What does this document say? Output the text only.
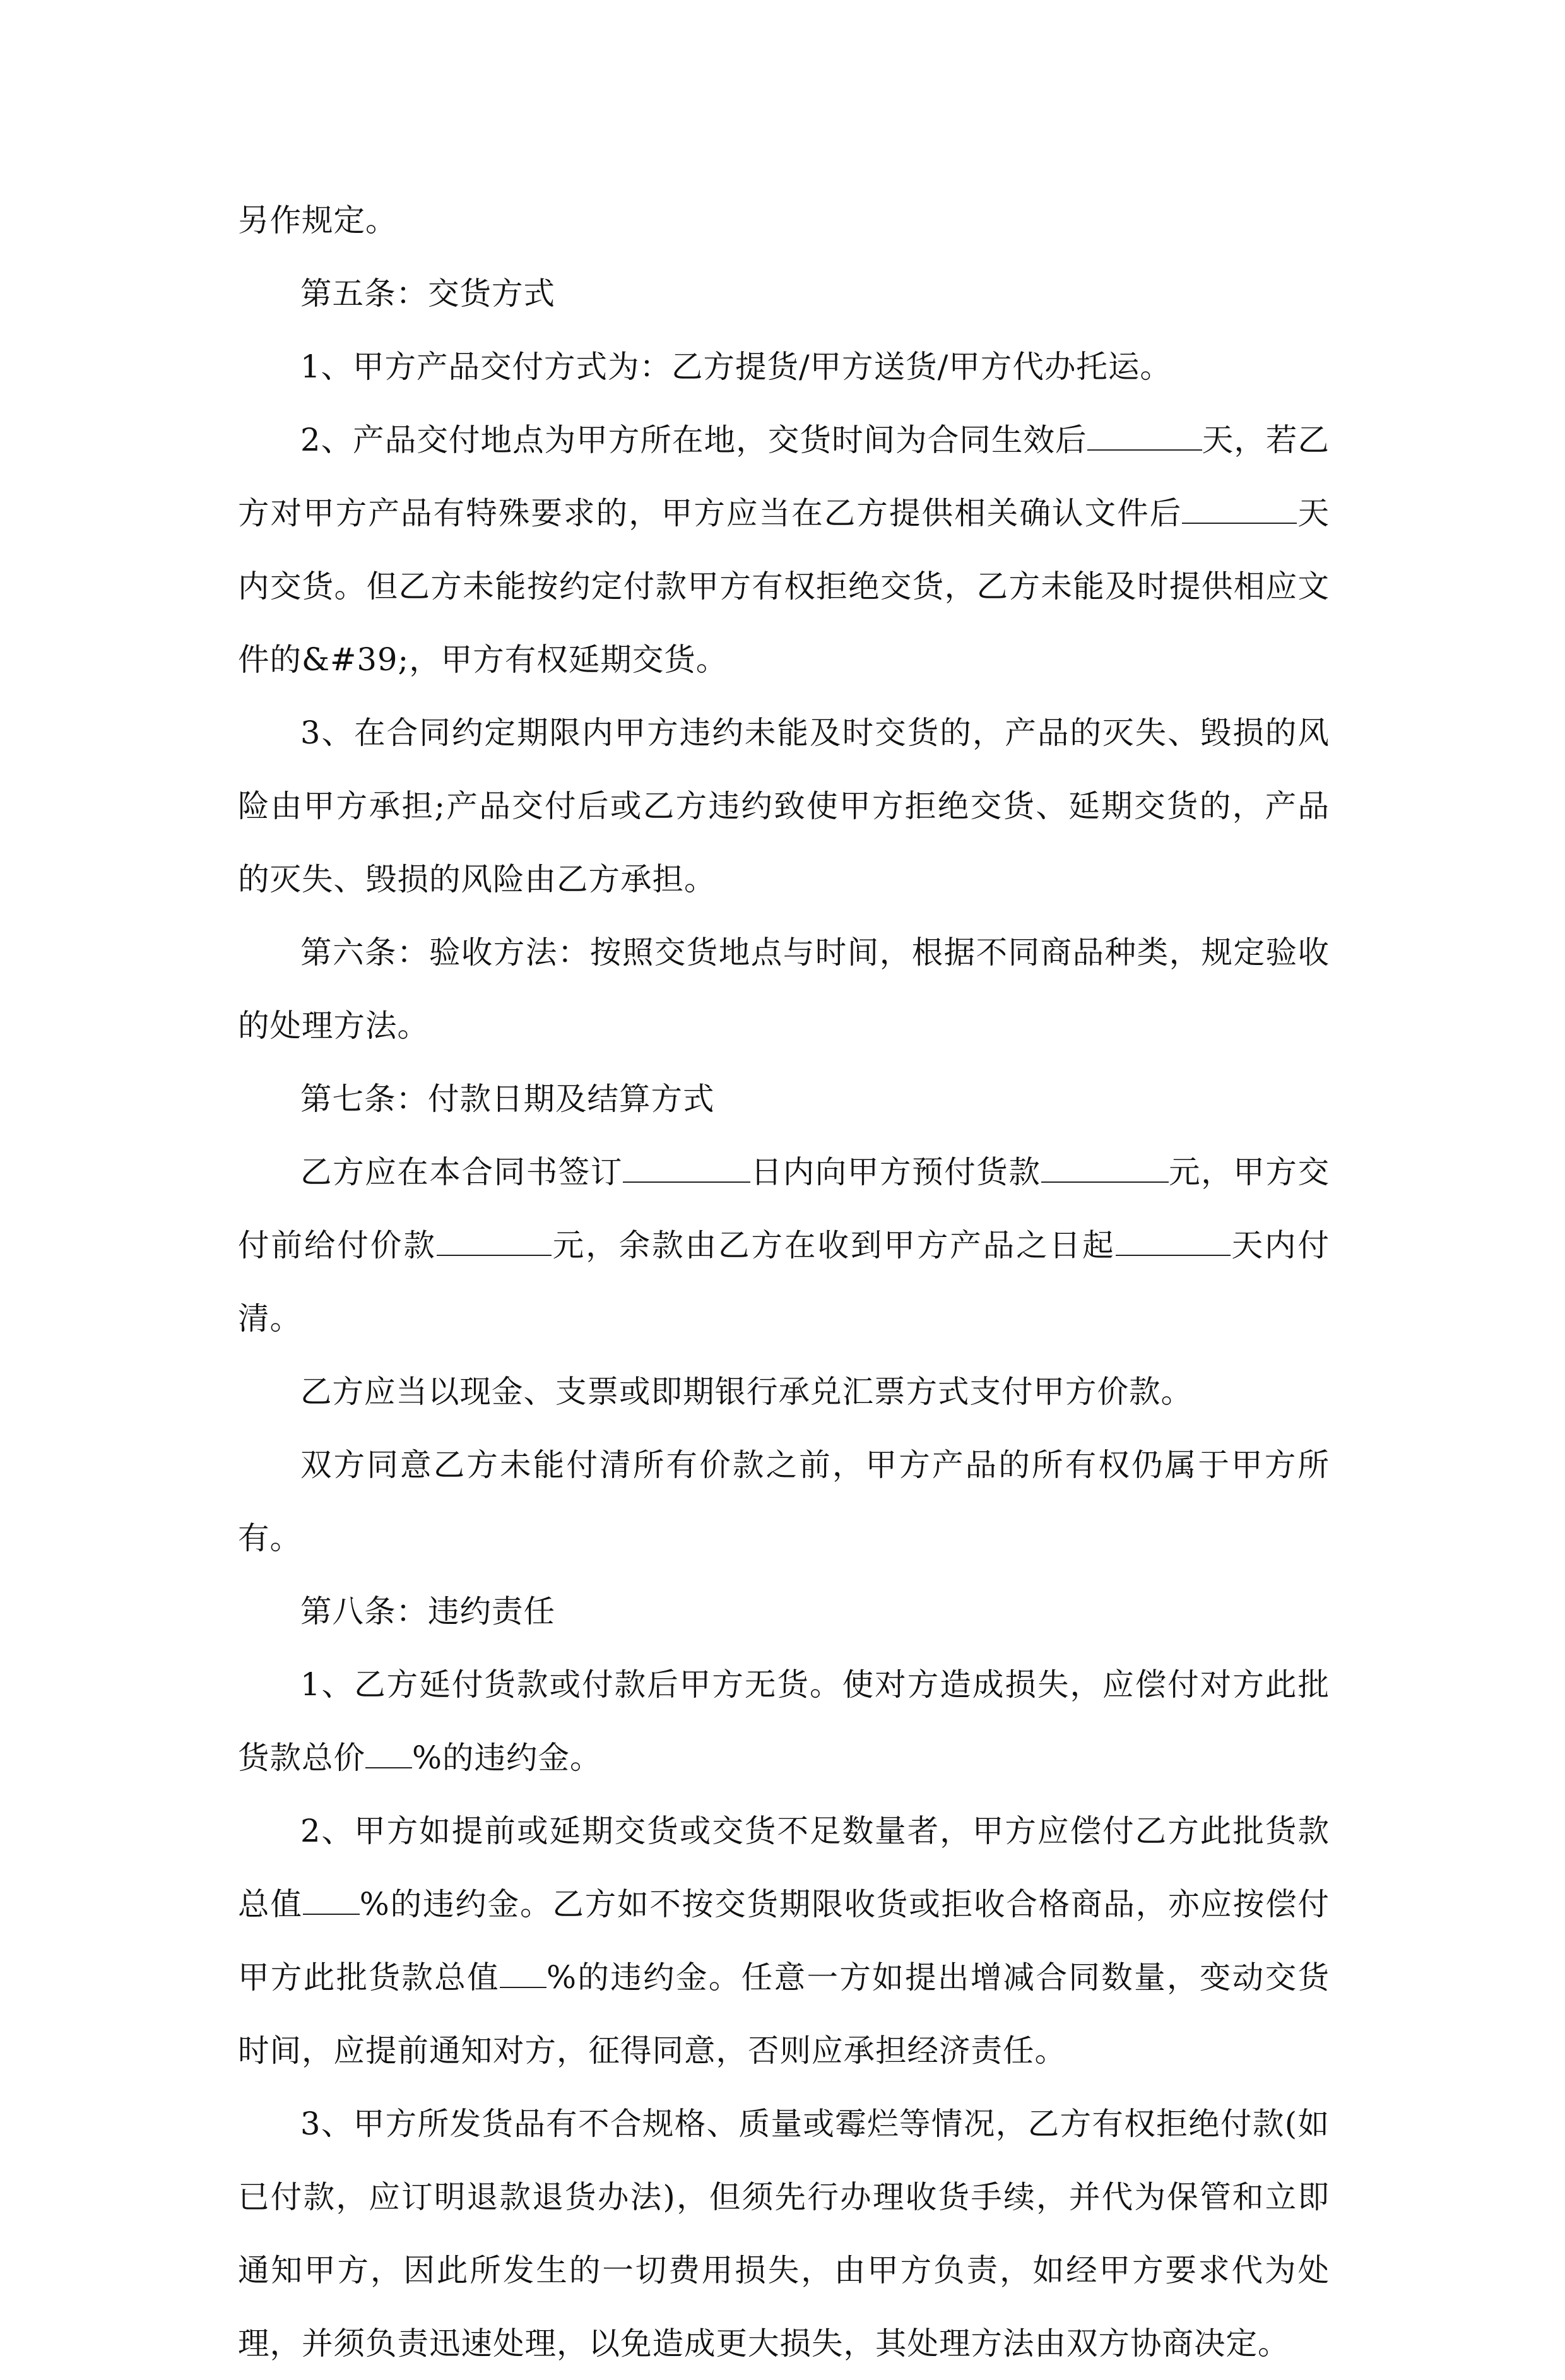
另作规定。

第五条：交货方式

1、甲方产品交付方式为：乙方提货/甲方送货/甲方代办托运。

2、产品交付地点为甲方所在地，交货时间为合同生效后	天，若乙方对甲方产品有特殊要求的，甲方应当在乙方提供相关确认文件后	天内交货。但乙方未能按约定付款甲方有权拒绝交货，乙方未能及时提供相应文件的&#39;，甲方有权延期交货。

3、在合同约定期限内甲方违约未能及时交货的，产品的灭失、毁损的风险由甲方承担;产品交付后或乙方违约致使甲方拒绝交货、延期交货的，产品的灭失、毁损的风险由乙方承担。

第六条：验收方法：按照交货地点与时间，根据不同商品种类，规定验收的处理方法。

第七条：付款日期及结算方式

乙方应在本合同书签订	日内向甲方预付货款	元，甲方交付前给付价款	元，余款由乙方在收到甲方产品之日起	天内付清。

乙方应当以现金、支票或即期银行承兑汇票方式支付甲方价款。

双方同意乙方未能付清所有价款之前，甲方产品的所有权仍属于甲方所有。

第八条：违约责任

1、乙方延付货款或付款后甲方无货。使对方造成损失，应偿付对方此批货款总价 %的违约金。

2、甲方如提前或延期交货或交货不足数量者，甲方应偿付乙方此批货款总值 %的违约金。乙方如不按交货期限收货或拒收合格商品，亦应按偿付甲方此批货款总值 %的违约金。任意一方如提出增减合同数量，变动交货时间，应提前通知对方，征得同意，否则应承担经济责任。

3、甲方所发货品有不合规格、质量或霉烂等情况，乙方有权拒绝付款(如已付款，应订明退款退货办法)，但须先行办理收货手续，并代为保管和立即通知甲方，因此所发生的一切费用损失，由甲方负责，如经甲方要求代为处理，并须负责迅速处理，以免造成更大损失，其处理方法由双方协商决定。
